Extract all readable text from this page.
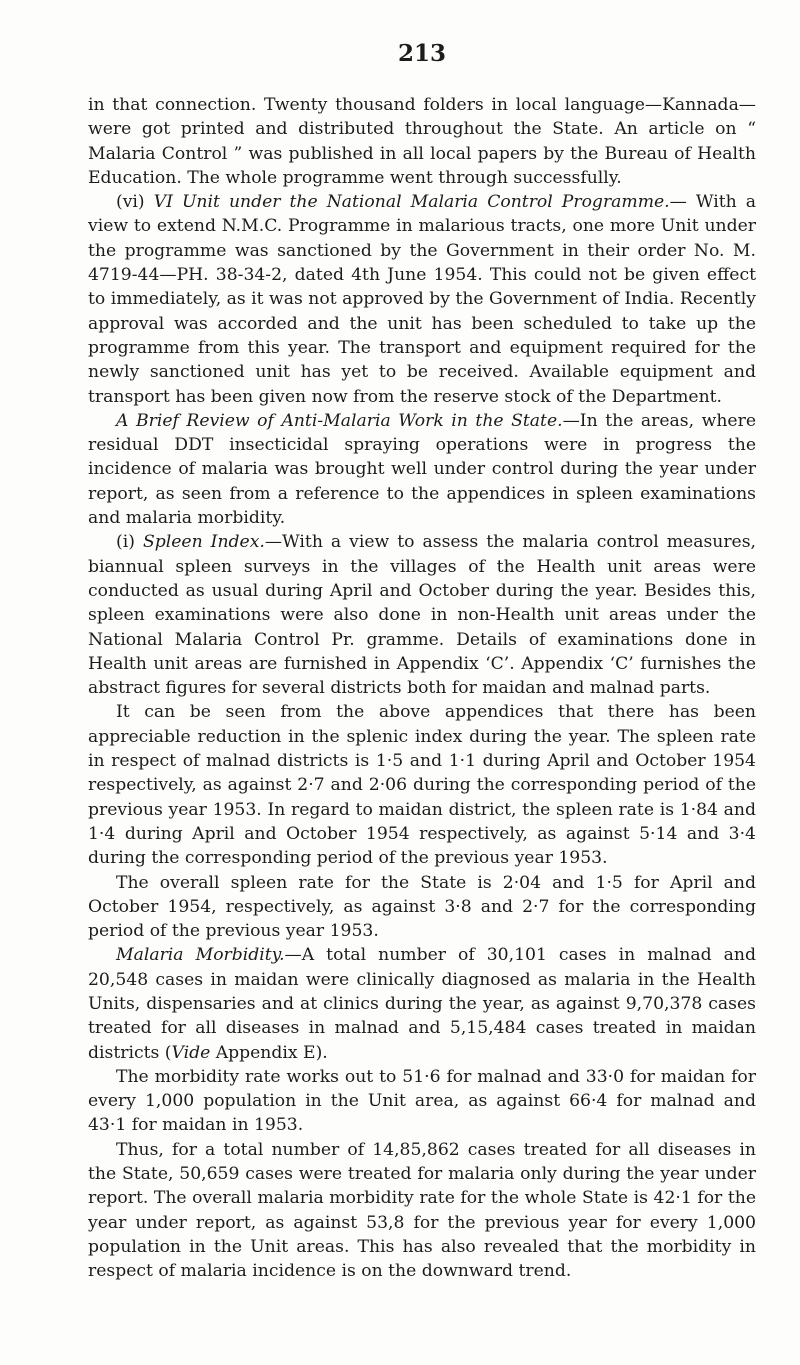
213

in that connection. Twenty thousand folders in local language—Kannada—were got printed and distributed throughout the State. An article on “ Malaria Control ” was published in all local papers by the Bureau of Health Education. The whole programme went through successfully.

(vi) VI Unit under the National Malaria Control Programme.— With a view to extend N.M.C. Programme in malarious tracts, one more Unit under the programme was sanctioned by the Government in their order No. M. 4719-44—PH. 38-34-2, dated 4th June 1954. This could not be given effect to immediately, as it was not approved by the Government of India. Recently approval was accorded and the unit has been scheduled to take up the programme from this year. The transport and equipment required for the newly sanctioned unit has yet to be received. Available equipment and transport has been given now from the reserve stock of the Department.

A Brief Review of Anti-Malaria Work in the State.—In the areas, where residual DDT insecticidal spraying operations were in progress the incidence of malaria was brought well under control during the year under report, as seen from a reference to the appendices in spleen examinations and malaria morbidity.

(i) Spleen Index.—With a view to assess the malaria control measures, biannual spleen surveys in the villages of the Health unit areas were conducted as usual during April and October during the year. Besides this, spleen examinations were also done in non-Health unit areas under the National Malaria Control Pr. gramme. Details of examinations done in Health unit areas are furnished in Appendix ‘C’. Appendix ‘C’ furnishes the abstract figures for several districts both for maidan and malnad parts.

It can be seen from the above appendices that there has been appreciable reduction in the splenic index during the year. The spleen rate in respect of malnad districts is 1·5 and 1·1 during April and October 1954 respectively, as against 2·7 and 2·06 during the corresponding period of the previous year 1953. In regard to maidan district, the spleen rate is 1·84 and 1·4 during April and October 1954 respectively, as against 5·14 and 3·4 during the corresponding period of the previous year 1953.

The overall spleen rate for the State is 2·04 and 1·5 for April and October 1954, respectively, as against 3·8 and 2·7 for the corresponding period of the previous year 1953.

Malaria Morbidity.—A total number of 30,101 cases in malnad and 20,548 cases in maidan were clinically diagnosed as malaria in the Health Units, dispensaries and at clinics during the year, as against 9,70,378 cases treated for all diseases in malnad and 5,15,484 cases treated in maidan districts (Vide Appendix E).

The morbidity rate works out to 51·6 for malnad and 33·0 for maidan for every 1,000 population in the Unit area, as against 66·4 for malnad and 43·1 for maidan in 1953.

Thus, for a total number of 14,85,862 cases treated for all diseases in the State, 50,659 cases were treated for malaria only during the year under report. The overall malaria morbidity rate for the whole State is 42·1 for the year under report, as against 53,8 for the previous year for every 1,000 population in the Unit areas. This has also revealed that the morbidity in respect of malaria incidence is on the downward trend.
